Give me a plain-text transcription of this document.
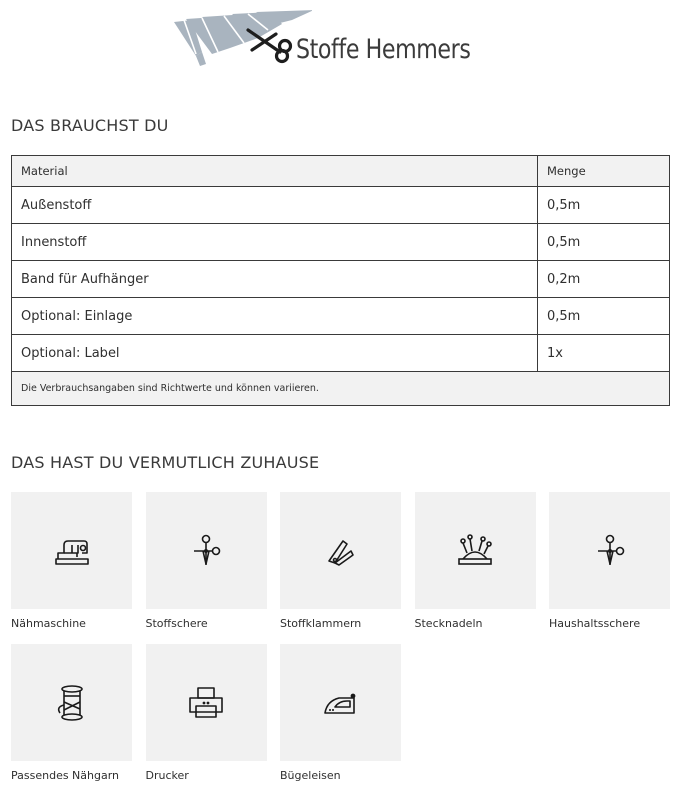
Stoffe Hemmers
DAS BRAUCHST DU
Material	Menge
Außenstoff	0,5m
Innenstoff	0,5m
Band für Aufhänger	0,2m
Optional: Einlage	0,5m
Optional: Label	1x
Die Verbrauchsangaben sind Richtwerte und können variieren.	
DAS HAST DU VERMUTLICH ZUHAUSE
Nähmaschine	Stoffschere	Stoffklammern	Stecknadeln	Haushaltsschere
Passendes Nähgarn	Drucker	Bügeleisen
